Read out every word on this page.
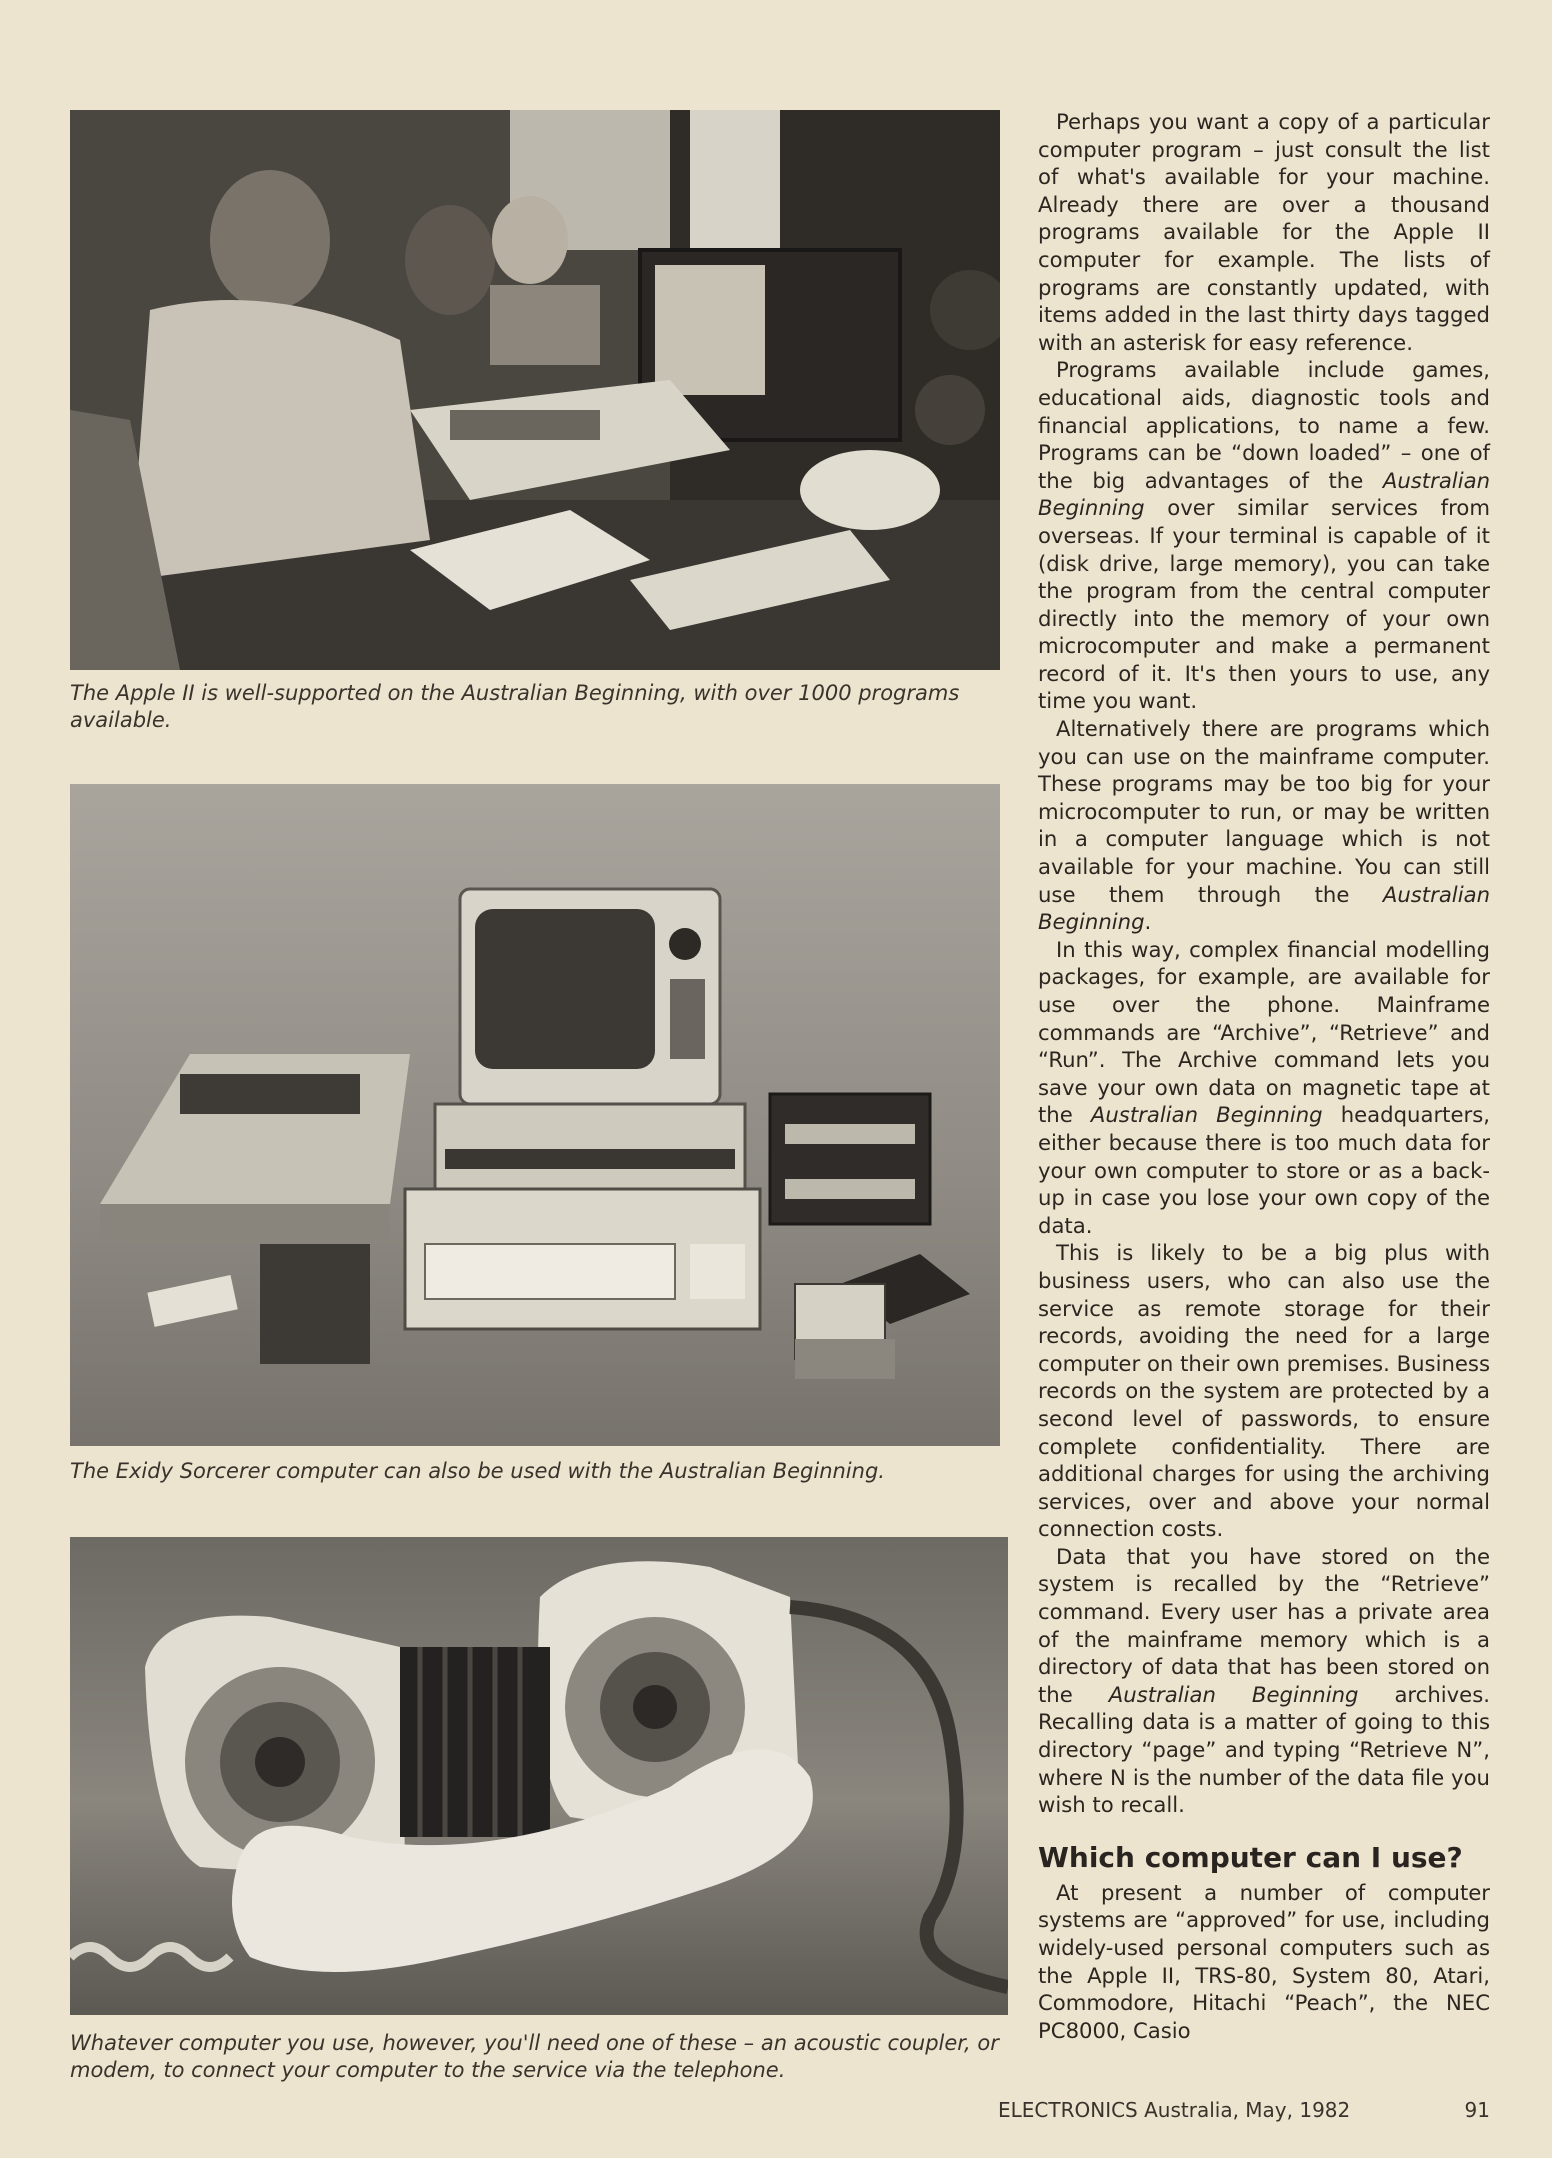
The Apple II is well-supported on the Australian Beginning, with over 1000 programs available.
The Exidy Sorcerer computer can also be used with the Australian Beginning.
Whatever computer you use, however, you'll need one of these – an acoustic coupler, or modem, to connect your computer to the service via the telephone.

Perhaps you want a copy of a particular computer program – just consult the list of what's available for your machine. Already there are over a thousand programs available for the Apple II computer for example. The lists of programs are constantly updated, with items added in the last thirty days tagged with an asterisk for easy reference.

Programs available include games, educational aids, diagnostic tools and financial applications, to name a few. Programs can be “down loaded” – one of the big advantages of the Australian Beginning over similar services from overseas. If your terminal is capable of it (disk drive, large memory), you can take the program from the central computer directly into the memory of your own microcomputer and make a permanent record of it. It's then yours to use, any time you want.

Alternatively there are programs which you can use on the mainframe computer. These programs may be too big for your microcomputer to run, or may be written in a computer language which is not available for your machine. You can still use them through the Australian Beginning.

In this way, complex financial modelling packages, for example, are available for use over the phone. Mainframe commands are “Archive”, “Retrieve” and “Run”. The Archive command lets you save your own data on magnetic tape at the Australian Beginning headquarters, either because there is too much data for your own computer to store or as a back-up in case you lose your own copy of the data.

This is likely to be a big plus with business users, who can also use the service as remote storage for their records, avoiding the need for a large computer on their own premises. Business records on the system are protected by a second level of passwords, to ensure complete confidentiality. There are additional charges for using the archiving services, over and above your normal connection costs.

Data that you have stored on the system is recalled by the “Retrieve” command. Every user has a private area of the mainframe memory which is a directory of data that has been stored on the Australian Beginning archives. Recalling data is a matter of going to this directory “page” and typing “Retrieve N”, where N is the number of the data file you wish to recall.

Which computer can I use?

At present a number of computer systems are “approved” for use, including widely-used personal computers such as the Apple II, TRS-80, System 80, Atari, Commodore, Hitachi “Peach”, the NEC PC8000, Casio

ELECTRONICS Australia, May, 1982	91
